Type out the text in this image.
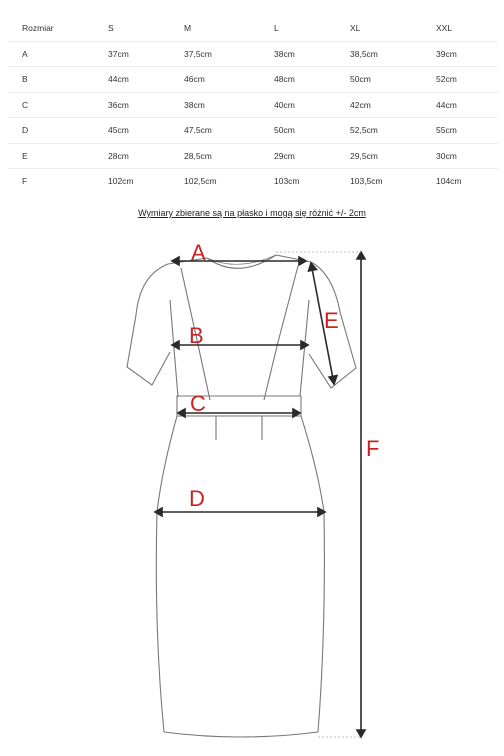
Rozmiar	S	M	L	XL	XXL
A	37cm	37,5cm	38cm	38,5cm	39cm
B	44cm	46cm	48cm	50cm	52cm
C	36cm	38cm	40cm	42cm	44cm
D	45cm	47,5cm	50cm	52,5cm	55cm
E	28cm	28,5cm	29cm	29,5cm	30cm
F	102cm	102,5cm	103cm	103,5cm	104cm
Wymiary zbierane są na płasko i mogą się różnić +/- 2cm
A
B
C
D
E
F
